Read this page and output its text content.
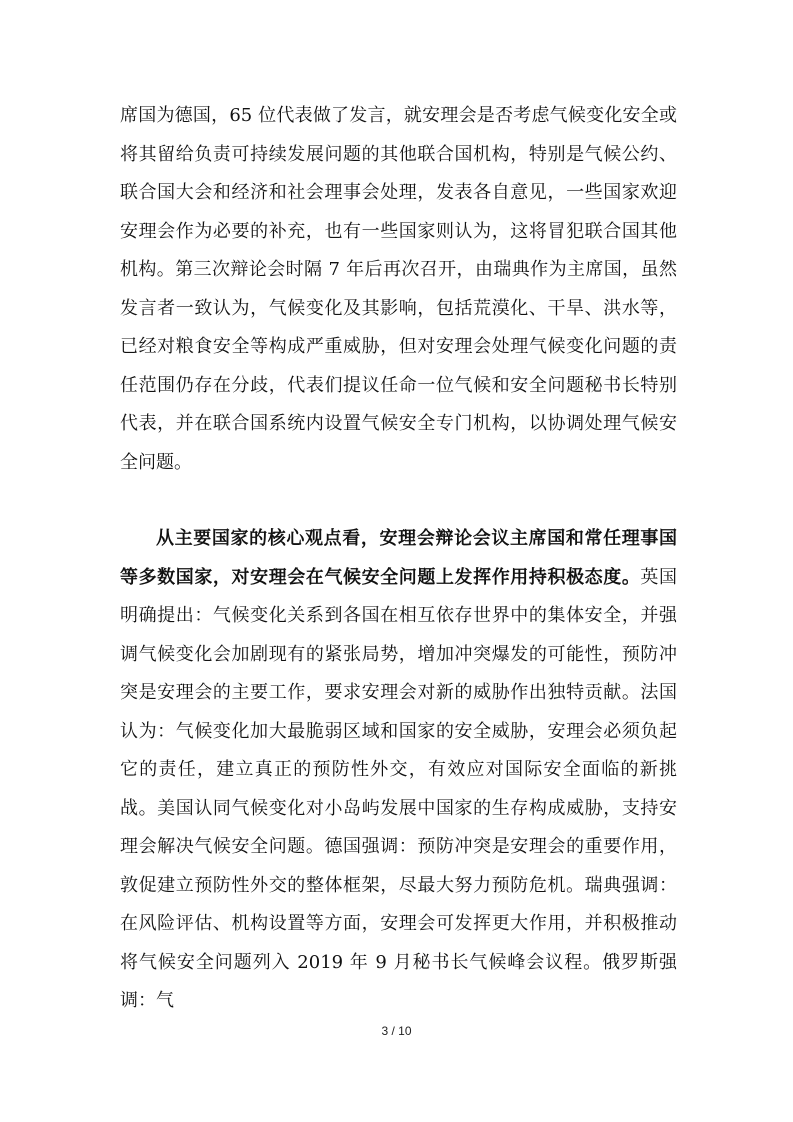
席国为德国，65 位代表做了发言，就安理会是否考虑气候变化安全或将其留给负责可持续发展问题的其他联合国机构，特别是气候公约、联合国大会和经济和社会理事会处理，发表各自意见，一些国家欢迎安理会作为必要的补充，也有一些国家则认为，这将冒犯联合国其他机构。第三次辩论会时隔 7 年后再次召开，由瑞典作为主席国，虽然发言者一致认为，气候变化及其影响，包括荒漠化、干旱、洪水等，已经对粮食安全等构成严重威胁，但对安理会处理气候变化问题的责任范围仍存在分歧，代表们提议任命一位气候和安全问题秘书长特别代表，并在联合国系统内设置气候安全专门机构，以协调处理气候安全问题。
从主要国家的核心观点看，安理会辩论会议主席国和常任理事国等多数国家，对安理会在气候安全问题上发挥作用持积极态度。英国明确提出：气候变化关系到各国在相互依存世界中的集体安全，并强调气候变化会加剧现有的紧张局势，增加冲突爆发的可能性，预防冲突是安理会的主要工作，要求安理会对新的威胁作出独特贡献。法国认为：气候变化加大最脆弱区域和国家的安全威胁，安理会必须负起它的责任，建立真正的预防性外交，有效应对国际安全面临的新挑战。美国认同气候变化对小岛屿发展中国家的生存构成威胁，支持安理会解决气候安全问题。德国强调：预防冲突是安理会的重要作用，敦促建立预防性外交的整体框架，尽最大努力预防危机。瑞典强调：在风险评估、机构设置等方面，安理会可发挥更大作用，并积极推动将气候安全问题列入 2019 年 9 月秘书长气候峰会议程。俄罗斯强调：气
3 / 10
